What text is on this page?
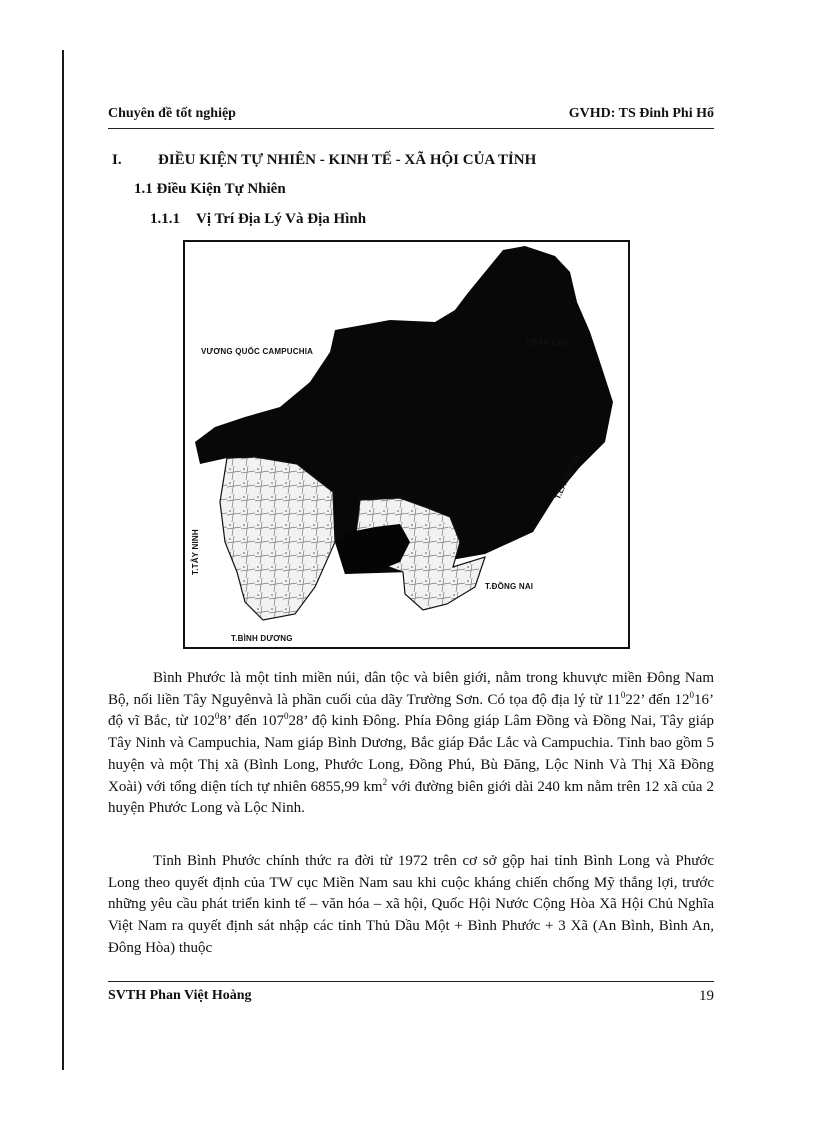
Chuyên đề tốt nghiệp	GVHD: TS Đinh Phi Hổ
I. ĐIỀU KIỆN TỰ NHIÊN - KINH TẾ - XÃ HỘI CỦA TỈNH
1.1 Điều Kiện Tự Nhiên
1.1.1 Vị Trí Địa Lý Và Địa Hình
VƯƠNG QUỐC CAMPUCHIA
T.ĐẮK LẮC
T.LÂM ĐỒNG
T.TÂY NINH
T.ĐỒNG NAI
T.BÌNH DƯƠNG

Bình Phước là một tỉnh miền núi, dân tộc và biên giới, nằm trong khuvực miền Đông Nam Bộ, nối liền Tây Nguyênvà là phần cuối của dãy Trường Sơn. Có tọa độ địa lý từ $11^022$’ đến $12^016$’ độ vĩ Bắc, từ $102^08$’ đến $107^028$’ độ kinh Đông. Phía Đông giáp Lâm Đồng và Đồng Nai, Tây giáp Tây Ninh và Campuchia, Nam giáp Bình Dương, Bắc giáp Đắc Lắc và Campuchia. Tỉnh bao gồm 5 huyện và một Thị xã (Bình Long, Phước Long, Đồng Phú, Bù Đăng, Lộc Ninh Và Thị Xã Đồng Xoài) với tổng diện tích tự nhiên 6855,99 $km^2$ với đường biên giới dài 240 km nằm trên 12 xã của 2 huyện Phước Long và Lộc Ninh.

Tỉnh Bình Phước chính thức ra đời từ 1972 trên cơ sở gộp hai tỉnh Bình Long và Phước Long theo quyết định của TW cục Miền Nam sau khi cuộc kháng chiến chống Mỹ thắng lợi, trước những yêu cầu phát triển kinh tế – văn hóa – xã hội, Quốc Hội Nước Cộng Hòa Xã Hội Chủ Nghĩa Việt Nam ra quyết định sát nhập các tỉnh Thủ Dầu Một + Bình Phước + 3 Xã (An Bình, Bình An, Đông Hòa) thuộc

SVTH Phan Việt Hoàng	19
